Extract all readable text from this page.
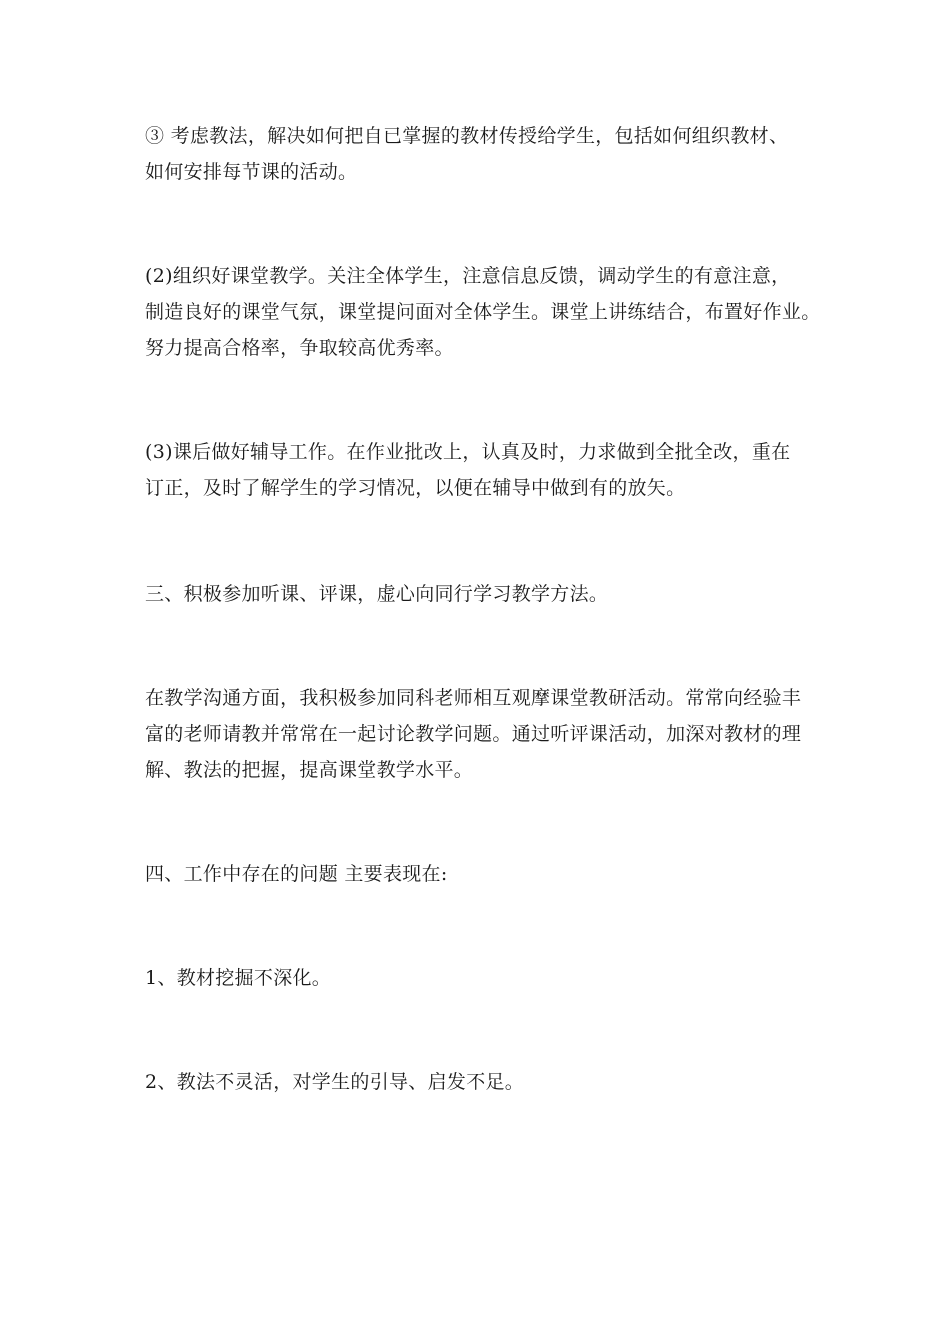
③ 考虑教法，解决如何把自已掌握的教材传授给学生，包括如何组织教材、
如何安排每节课的活动。

(2)组织好课堂教学。关注全体学生，注意信息反馈，调动学生的有意注意，
制造良好的课堂气氛，课堂提问面对全体学生。课堂上讲练结合，布置好作业。
努力提高合格率，争取较高优秀率。

(3)课后做好辅导工作。在作业批改上，认真及时，力求做到全批全改，重在
订正，及时了解学生的学习情况，以便在辅导中做到有的放矢。

三、积极参加听课、评课，虚心向同行学习教学方法。

在教学沟通方面，我积极参加同科老师相互观摩课堂教研活动。常常向经验丰
富的老师请教并常常在一起讨论教学问题。通过听评课活动，加深对教材的理
解、教法的把握，提高课堂教学水平。

四、工作中存在的问题 主要表现在:

1、教材挖掘不深化。

2、教法不灵活，对学生的引导、启发不足。
